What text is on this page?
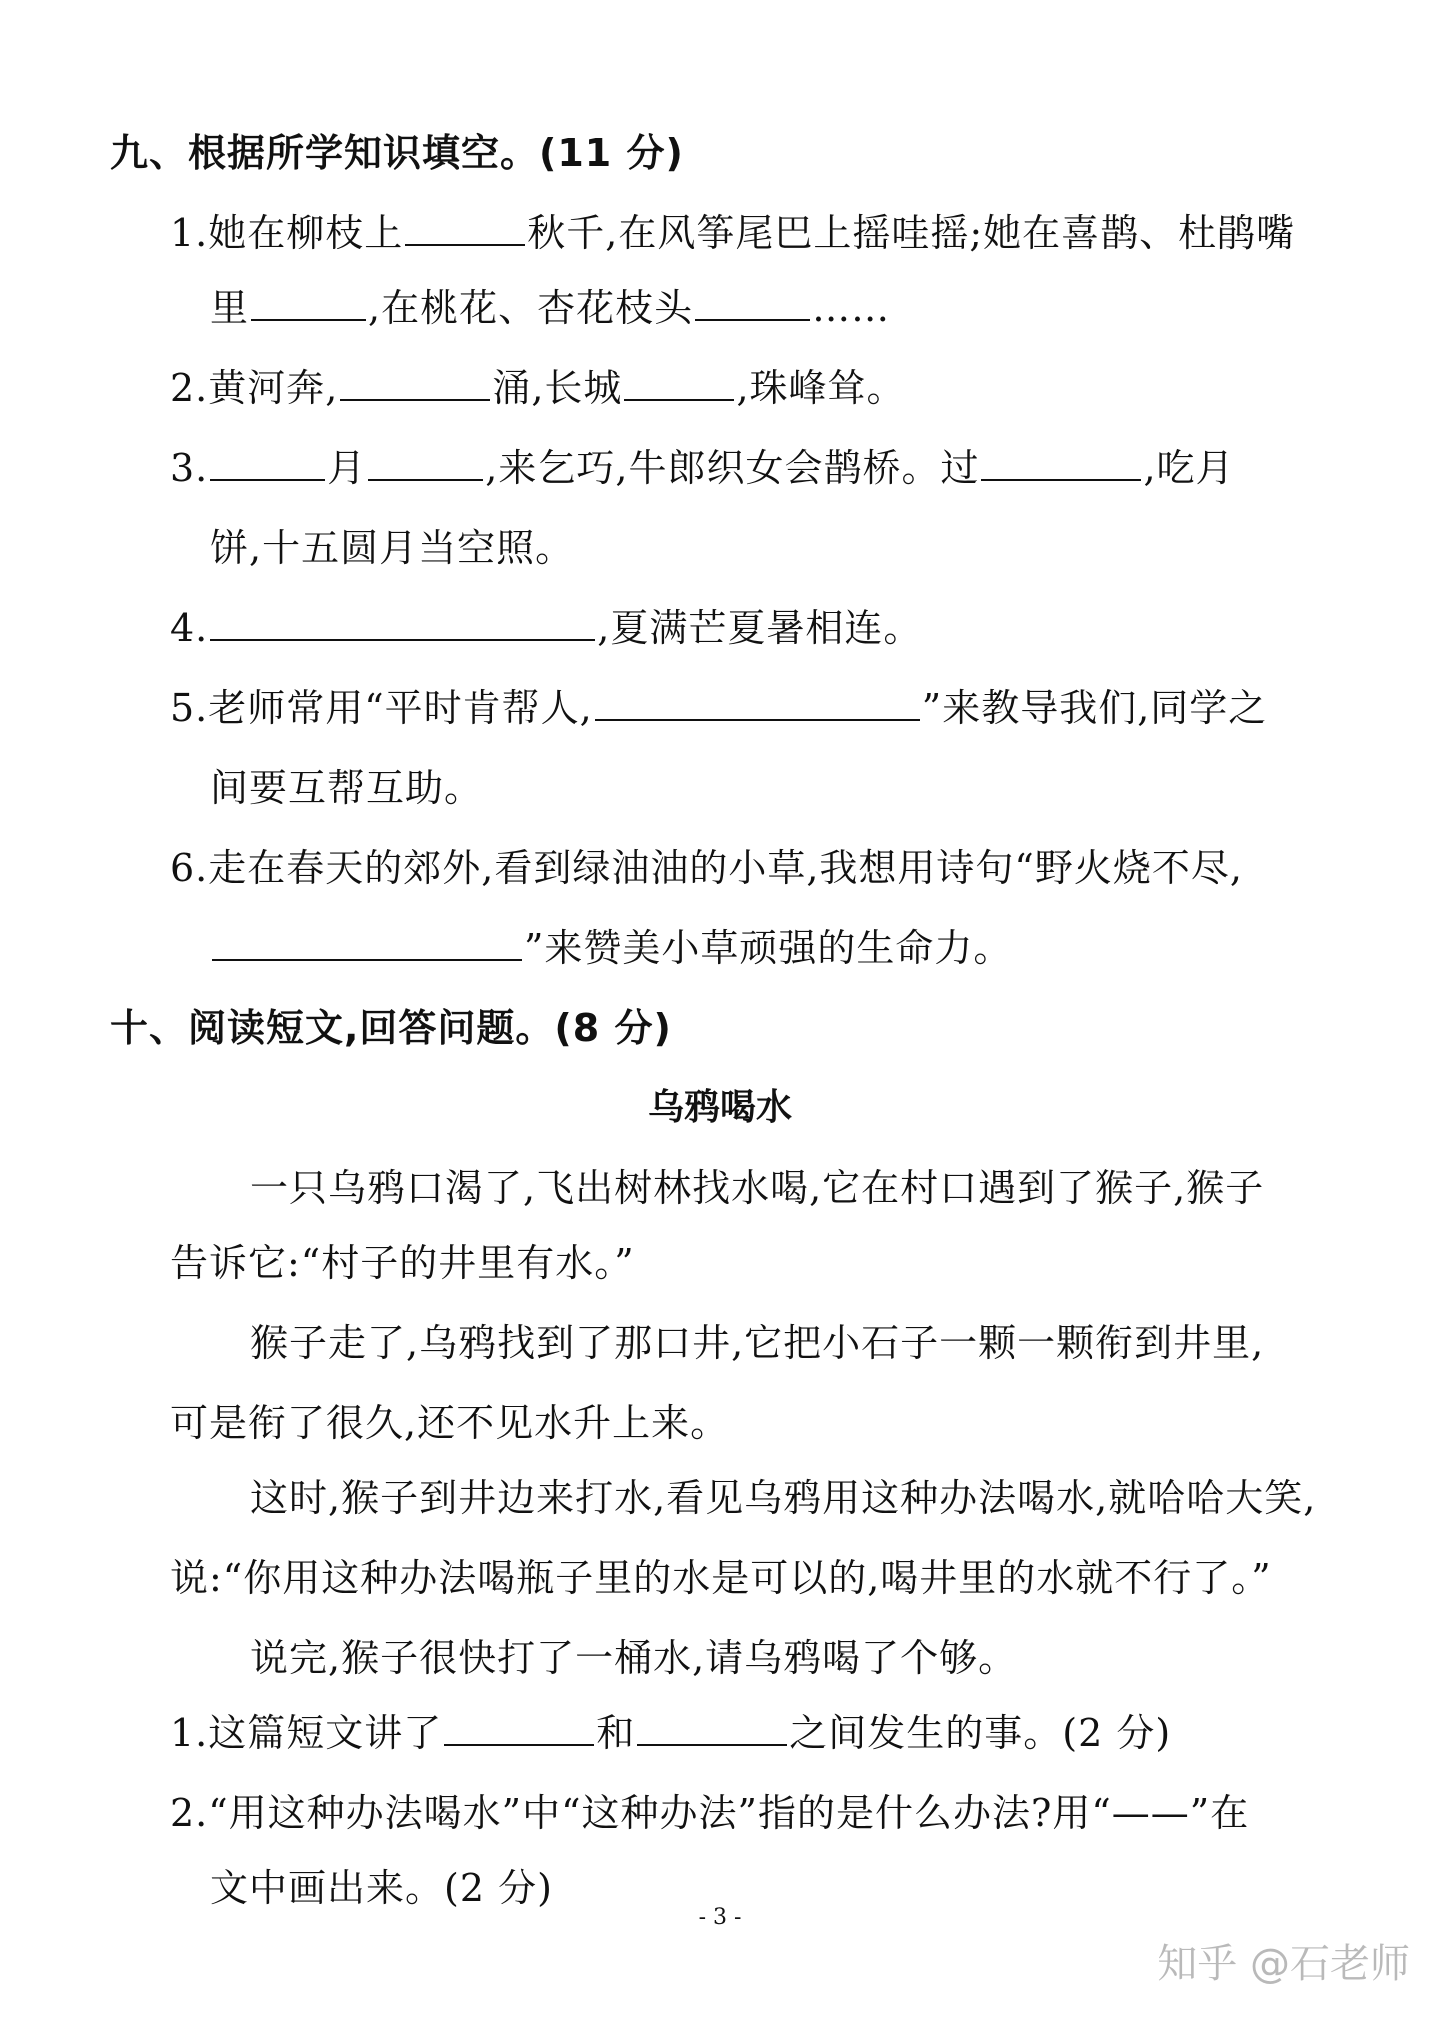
九、根据所学知识填空。(11 分)
1.她在柳枝上	秋千,在风筝尾巴上摇哇摇;她在喜鹊、杜鹃嘴
里	,在桃花、杏花枝头	……
2.黄河奔,	涌,长城	,珠峰耸。
3.	月	,来乞巧,牛郎织女会鹊桥。过	,吃月
饼,十五圆月当空照。
4.	,夏满芒夏暑相连。
5.老师常用“平时肯帮人,	”来教导我们,同学之
间要互帮互助。
6.走在春天的郊外,看到绿油油的小草,我想用诗句“野火烧不尽,
”来赞美小草顽强的生命力。
十、阅读短文,回答问题。(8 分)
乌鸦喝水
一只乌鸦口渴了,飞出树林找水喝,它在村口遇到了猴子,猴子
告诉它:“村子的井里有水。”
猴子走了,乌鸦找到了那口井,它把小石子一颗一颗衔到井里,
可是衔了很久,还不见水升上来。
这时,猴子到井边来打水,看见乌鸦用这种办法喝水,就哈哈大笑,
说:“你用这种办法喝瓶子里的水是可以的,喝井里的水就不行了。”
说完,猴子很快打了一桶水,请乌鸦喝了个够。
1.这篇短文讲了	和	之间发生的事。(2 分)
2.“用这种办法喝水”中“这种办法”指的是什么办法?用“——”在
文中画出来。(2 分)
- 3 -
知乎 @石老师
